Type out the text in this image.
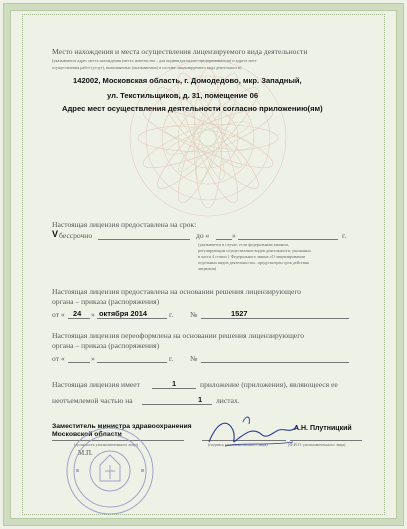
Место нахождения и места осуществления лицензируемого вида деятельности
(указываются адрес места нахождения (места жительства – для индивидуального предпринимателя) и адреса мест
осуществления работ (услуг), выполняемых (оказываемых) в составе лицензируемого вида деятельности)
142002, Московская область, г. Домодедово, мкр. Западный,
ул. Текстильщиков, д. 31, помещение 06
Адрес мест осуществления деятельности согласно приложению(ям)
Настоящая лицензия предоставлена на срок:
V бессрочно	до «	»	г.
(указывается в случае, если федеральным законом,
регулирующим осуществление видов деятельности, указанных
в части 4 статьи 1 Федерального закона «О лицензировании
отдельных видов деятельности», предусмотрен срок действия
лицензии)
Настоящая лицензия предоставлена на основании решения лицензирующего
органа – приказа (распоряжения)
от « 24 » октября 2014	г. №	1527
Настоящая лицензия переоформлена на основании решения лицензирующего
органа – приказа (распоряжения)
от «	»	г. №
Настоящая лицензия имеет	1	приложение (приложения), являющееся ее
неотъемлемой частью на	1 листах.
Заместитель министра здравоохранения
Московской области
(должность уполномоченного лица)	(подпись уполномоченного лица)
А.Н. Плутницкий
(Ф.И.О. уполномоченного лица)
М.П.
